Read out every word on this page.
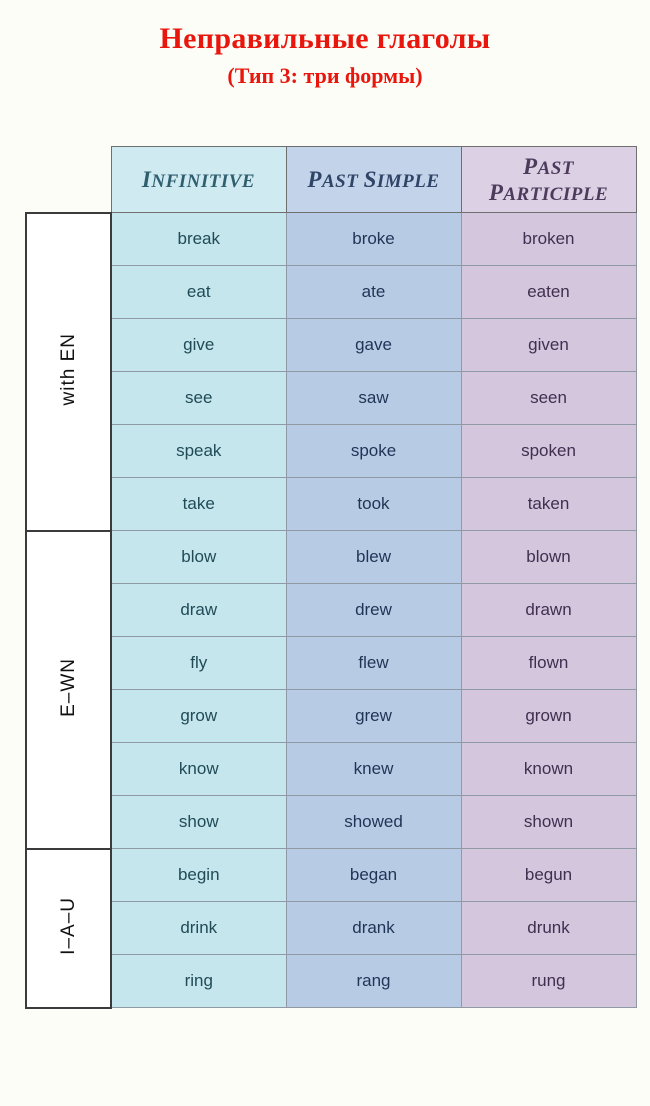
Неправильные глаголы
(Тип 3: три формы)
	INFINITIVE	PAST SIMPLE	PAST PARTICIPLE
with EN	break	broke	broken
	eat	ate	eaten
	give	gave	given
	see	saw	seen
	speak	spoke	spoken
	take	took	taken
E–WN	blow	blew	blown
	draw	drew	drawn
	fly	flew	flown
	grow	grew	grown
	know	knew	known
	show	showed	shown
I–A–U	begin	began	begun
	drink	drank	drunk
	ring	rang	rung
